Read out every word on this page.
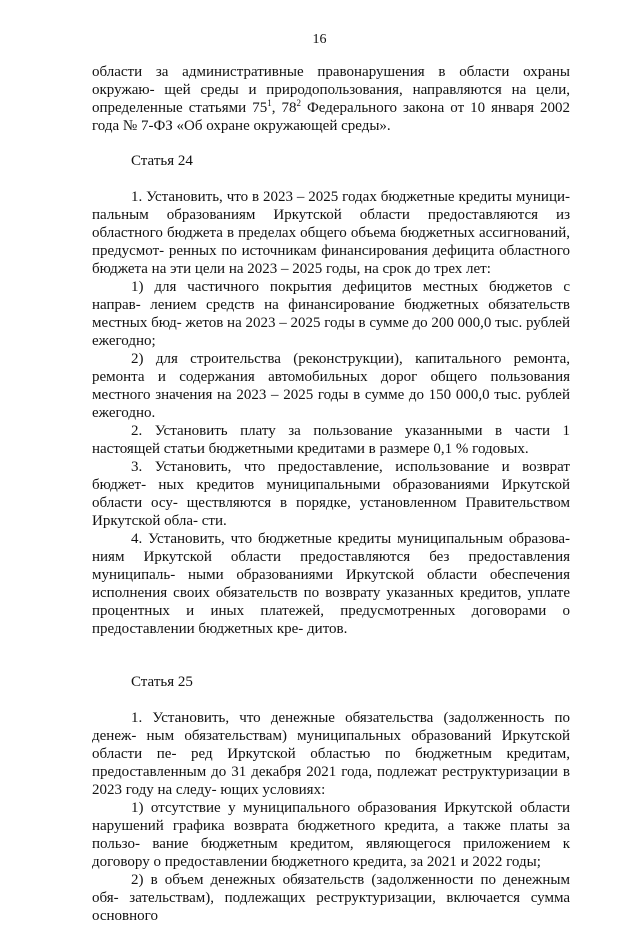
16

области за административные правонарушения в области охраны окружаю- щей среды и природопользования, направляются на цели, определенные статьями $75^1$, $78^2$ Федерального закона от 10 января 2002 года № 7-ФЗ «Об охране окружающей среды».

Статья 24

1. Установить, что в 2023 – 2025 годах бюджетные кредиты муници- пальным образованиям Иркутской области предоставляются из областного бюджета в пределах общего объема бюджетных ассигнований, предусмот- ренных по источникам финансирования дефицита областного бюджета на эти цели на 2023 – 2025 годы, на срок до трех лет:

1) для частичного покрытия дефицитов местных бюджетов с направ- лением средств на финансирование бюджетных обязательств местных бюд- жетов на 2023 – 2025 годы в сумме до 200 000,0 тыс. рублей ежегодно;

2) для строительства (реконструкции), капитального ремонта, ремонта и содержания автомобильных дорог общего пользования местного значения на 2023 – 2025 годы в сумме до 150 000,0 тыс. рублей ежегодно.

2. Установить плату за пользование указанными в части 1 настоящей статьи бюджетными кредитами в размере 0,1 % годовых.

3. Установить, что предоставление, использование и возврат бюджет- ных кредитов муниципальными образованиями Иркутской области осу- ществляются в порядке, установленном Правительством Иркутской обла- сти.

4. Установить, что бюджетные кредиты муниципальным образова- ниям Иркутской области предоставляются без предоставления муниципаль- ными образованиями Иркутской области обеспечения исполнения своих обязательств по возврату указанных кредитов, уплате процентных и иных платежей, предусмотренных договорами о предоставлении бюджетных кре- дитов.

Статья 25

1. Установить, что денежные обязательства (задолженность по денеж- ным обязательствам) муниципальных образований Иркутской области пе- ред Иркутской областью по бюджетным кредитам, предоставленным до 31 декабря 2021 года, подлежат реструктуризации в 2023 году на следу- ющих условиях:

1) отсутствие у муниципального образования Иркутской области нарушений графика возврата бюджетного кредита, а также платы за пользо- вание бюджетным кредитом, являющегося приложением к договору о предоставлении бюджетного кредита, за 2021 и 2022 годы;

2) в объем денежных обязательств (задолженности по денежным обя- зательствам), подлежащих реструктуризации, включается сумма основного
